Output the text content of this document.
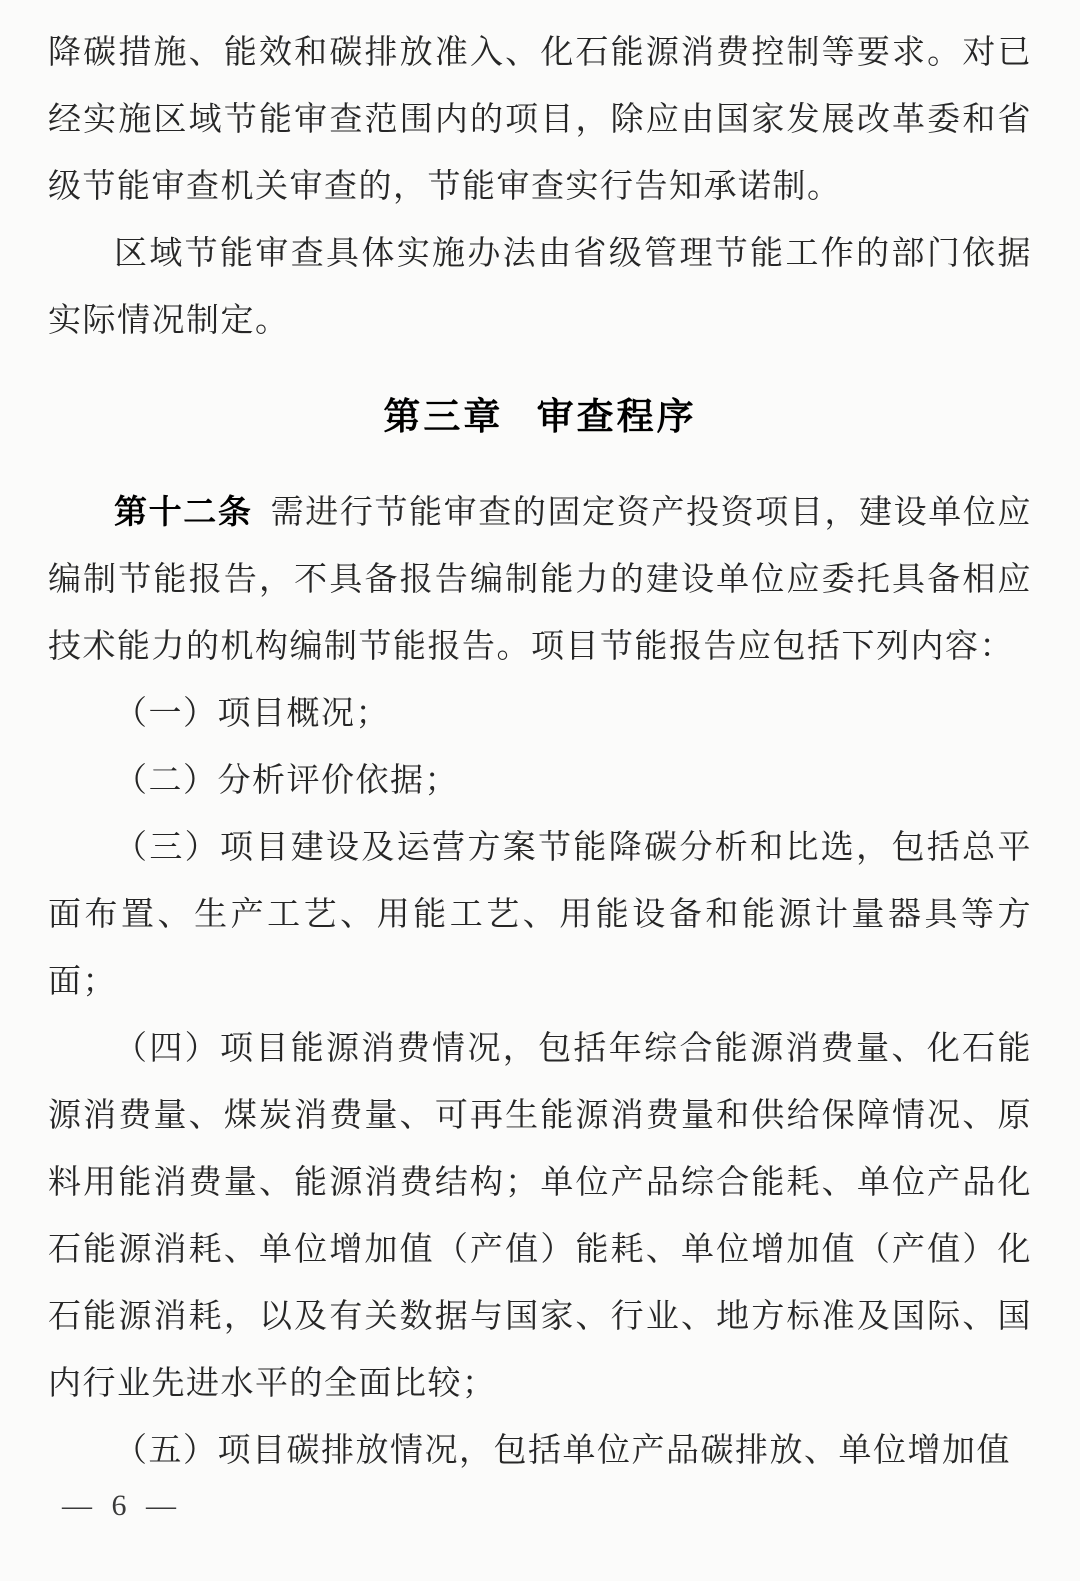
降碳措施、能效和碳排放准入、化石能源消费控制等要求。对已经实施区域节能审查范围内的项目，除应由国家发展改革委和省级节能审查机关审查的，节能审查实行告知承诺制。

区域节能审查具体实施办法由省级管理节能工作的部门依据实际情况制定。

第三章 审查程序

第十二条 需进行节能审查的固定资产投资项目，建设单位应编制节能报告，不具备报告编制能力的建设单位应委托具备相应技术能力的机构编制节能报告。项目节能报告应包括下列内容：

（一）项目概况；

（二）分析评价依据；

（三）项目建设及运营方案节能降碳分析和比选，包括总平面布置、生产工艺、用能工艺、用能设备和能源计量器具等方面；

（四）项目能源消费情况，包括年综合能源消费量、化石能源消费量、煤炭消费量、可再生能源消费量和供给保障情况、原料用能消费量、能源消费结构；单位产品综合能耗、单位产品化石能源消耗、单位增加值（产值）能耗、单位增加值（产值）化石能源消耗，以及有关数据与国家、行业、地方标准及国际、国内行业先进水平的全面比较；

（五）项目碳排放情况，包括单位产品碳排放、单位增加值

— 6 —
